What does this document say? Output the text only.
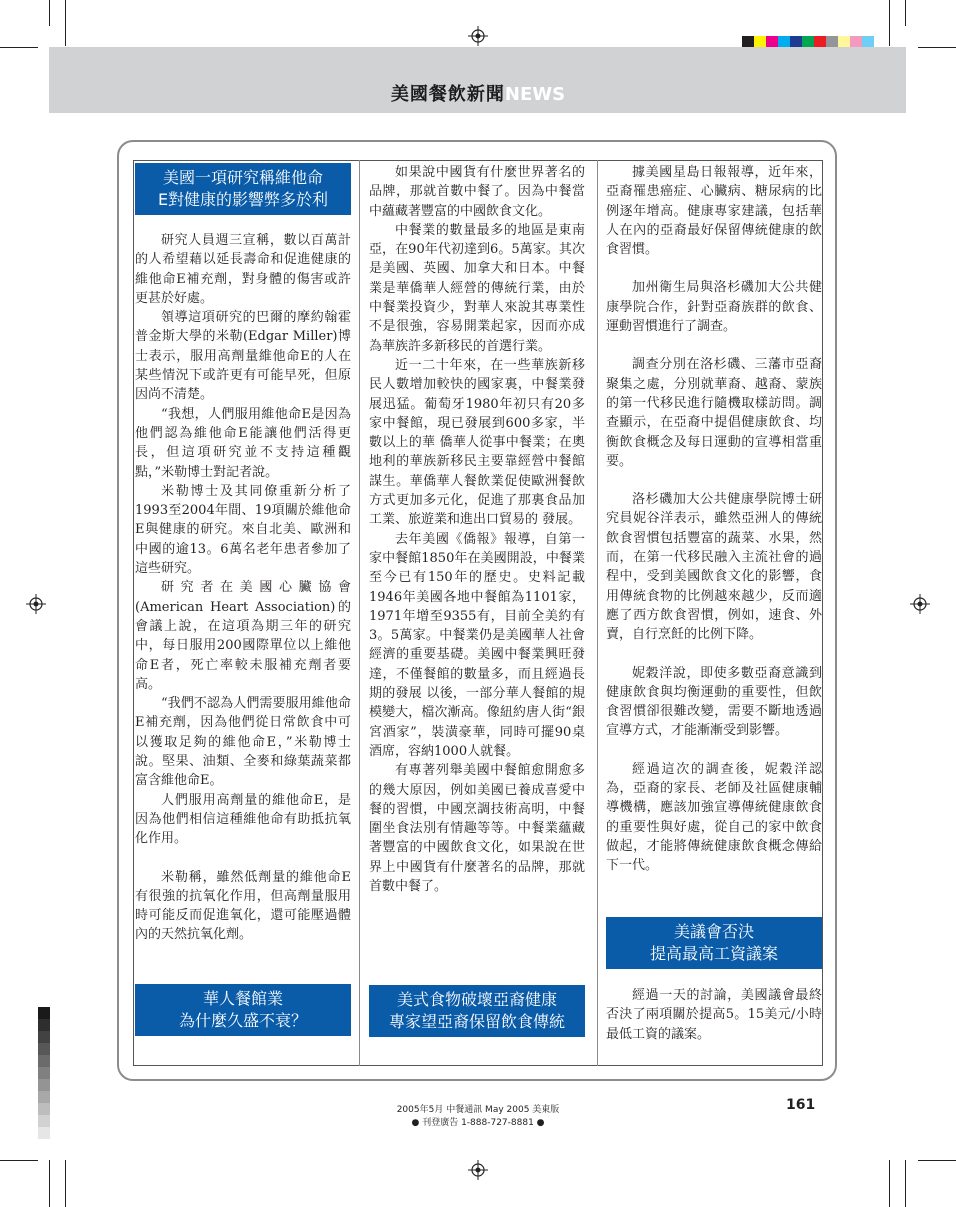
美國餐飲新聞NEWS
美國一項研究稱維他命
E對健康的影響弊多於利

研究人員週三宣稱，數以百萬計的人希望藉以延長壽命和促進健康的維他命E補充劑，對身體的傷害或許更甚於好處。

領導這項研究的巴爾的摩約翰霍普金斯大學的米勒(Edgar Miller)博士表示，服用高劑量維他命E的人在某些情況下或許更有可能早死，但原因尚不清楚。

“我想，人們服用維他命E是因為他們認為維他命E能讓他們活得更長，但這項研究並不支持這種觀點，”米勒博士對記者說。

米勒博士及其同僚重新分析了1993至2004年間、19項關於維他命E與健康的研究。來自北美、歐洲和中國的逾13。6萬名老年患者參加了這些研究。

研究者在美國心臟協會(American Heart Association)的會議上說，在這項為期三年的研究中，每日服用200國際單位以上維他命E者，死亡率較未服補充劑者要高。

“我們不認為人們需要服用維他命E補充劑，因為他們從日常飲食中可以獲取足夠的維他命E，”米勒博士說。堅果、油類、全麥和綠葉蔬菜都富含維他命E。

人們服用高劑量的維他命E，是因為他們相信這種維他命有助抵抗氧化作用。

米勒稱，雖然低劑量的維他命E有很強的抗氧化作用，但高劑量服用時可能反而促進氧化，還可能壓過體內的天然抗氧化劑。

華人餐館業
為什麼久盛不衰？

如果說中國貨有什麼世界著名的品牌，那就首數中餐了。因為中餐當中蘊藏著豐富的中國飲食文化。

中餐業的數量最多的地區是東南亞，在90年代初達到6。5萬家。其次是美國、英國、加拿大和日本。中餐業是華僑華人經營的傳統行業，由於中餐業投資少，對華人來說其專業性不是很強，容易開業起家，因而亦成為華族許多新移民的首選行業。

近一二十年來，在一些華族新移民人數增加較快的國家裏，中餐業發展迅猛。葡萄牙1980年初只有20多家中餐館，現已發展到600多家，半數以上的華 僑華人從事中餐業；在奧地利的華族新移民主要靠經營中餐館謀生。華僑華人餐飲業促使歐洲餐飲方式更加多元化，促進了那裏食品加工業、旅遊業和進出口貿易的 發展。

去年美國《僑報》報導，自第一家中餐館1850年在美國開設，中餐業至今已有150年的歷史。史料記載1946年美國各地中餐館為1101家，1971年增至9355有，目前全美約有3。5萬家。中餐業仍是美國華人社會經濟的重要基礎。美國中餐業興旺發達，不僅餐館的數量多，而且經過長期的發展 以後，一部分華人餐館的規模變大，檔次漸高。像紐約唐人街“銀宮酒家”，裝潢豪華，同時可擺90桌酒席，容納1000人就餐。

有專著列舉美國中餐館愈開愈多的幾大原因，例如美國已養成喜愛中餐的習慣，中國烹調技術高明，中餐圍坐食法別有情趣等等。中餐業蘊藏著豐富的中國飲食文化，如果說在世界上中國貨有什麼著名的品牌，那就首數中餐了。

美式食物破壞亞裔健康
專家望亞裔保留飲食傳統

據美國星島日報報導，近年來，亞裔罹患癌症、心臟病、糖尿病的比例逐年增高。健康專家建議，包括華人在內的亞裔最好保留傳統健康的飲食習慣。

加州衛生局與洛杉磯加大公共健康學院合作，針對亞裔族群的飲食、運動習慣進行了調查。

調查分別在洛杉磯、三藩市亞裔聚集之處，分別就華裔、越裔、蒙族的第一代移民進行隨機取樣訪問。調查顯示，在亞裔中提倡健康飲食、均衡飲食概念及每日運動的宣導相當重要。

洛杉磯加大公共健康學院博士研究員妮谷洋表示，雖然亞洲人的傳統飲食習慣包括豐富的蔬菜、水果，然而，在第一代移民融入主流社會的過程中，受到美國飲食文化的影響，食用傳統食物的比例越來越少，反而適應了西方飲食習慣，例如，速食、外賣，自行烹飪的比例下降。

妮穀洋說，即使多數亞裔意識到健康飲食與均衡運動的重要性，但飲食習慣卻很難改變，需要不斷地透過宣導方式，才能漸漸受到影響。

經過這次的調查後，妮穀洋認為，亞裔的家長、老師及社區健康輔導機構，應該加強宣導傳統健康飲食的重要性與好處，從自己的家中飲食做起，才能將傳統健康飲食概念傳給下一代。

美議會否決
提高最高工資議案

經過一天的討論，美國議會最終否決了兩項關於提高5。15美元/小時最低工資的議案。

161
2005年5月 中餐通訊 May 2005 美東版
● 刊登廣告 1-888-727-8881 ●
